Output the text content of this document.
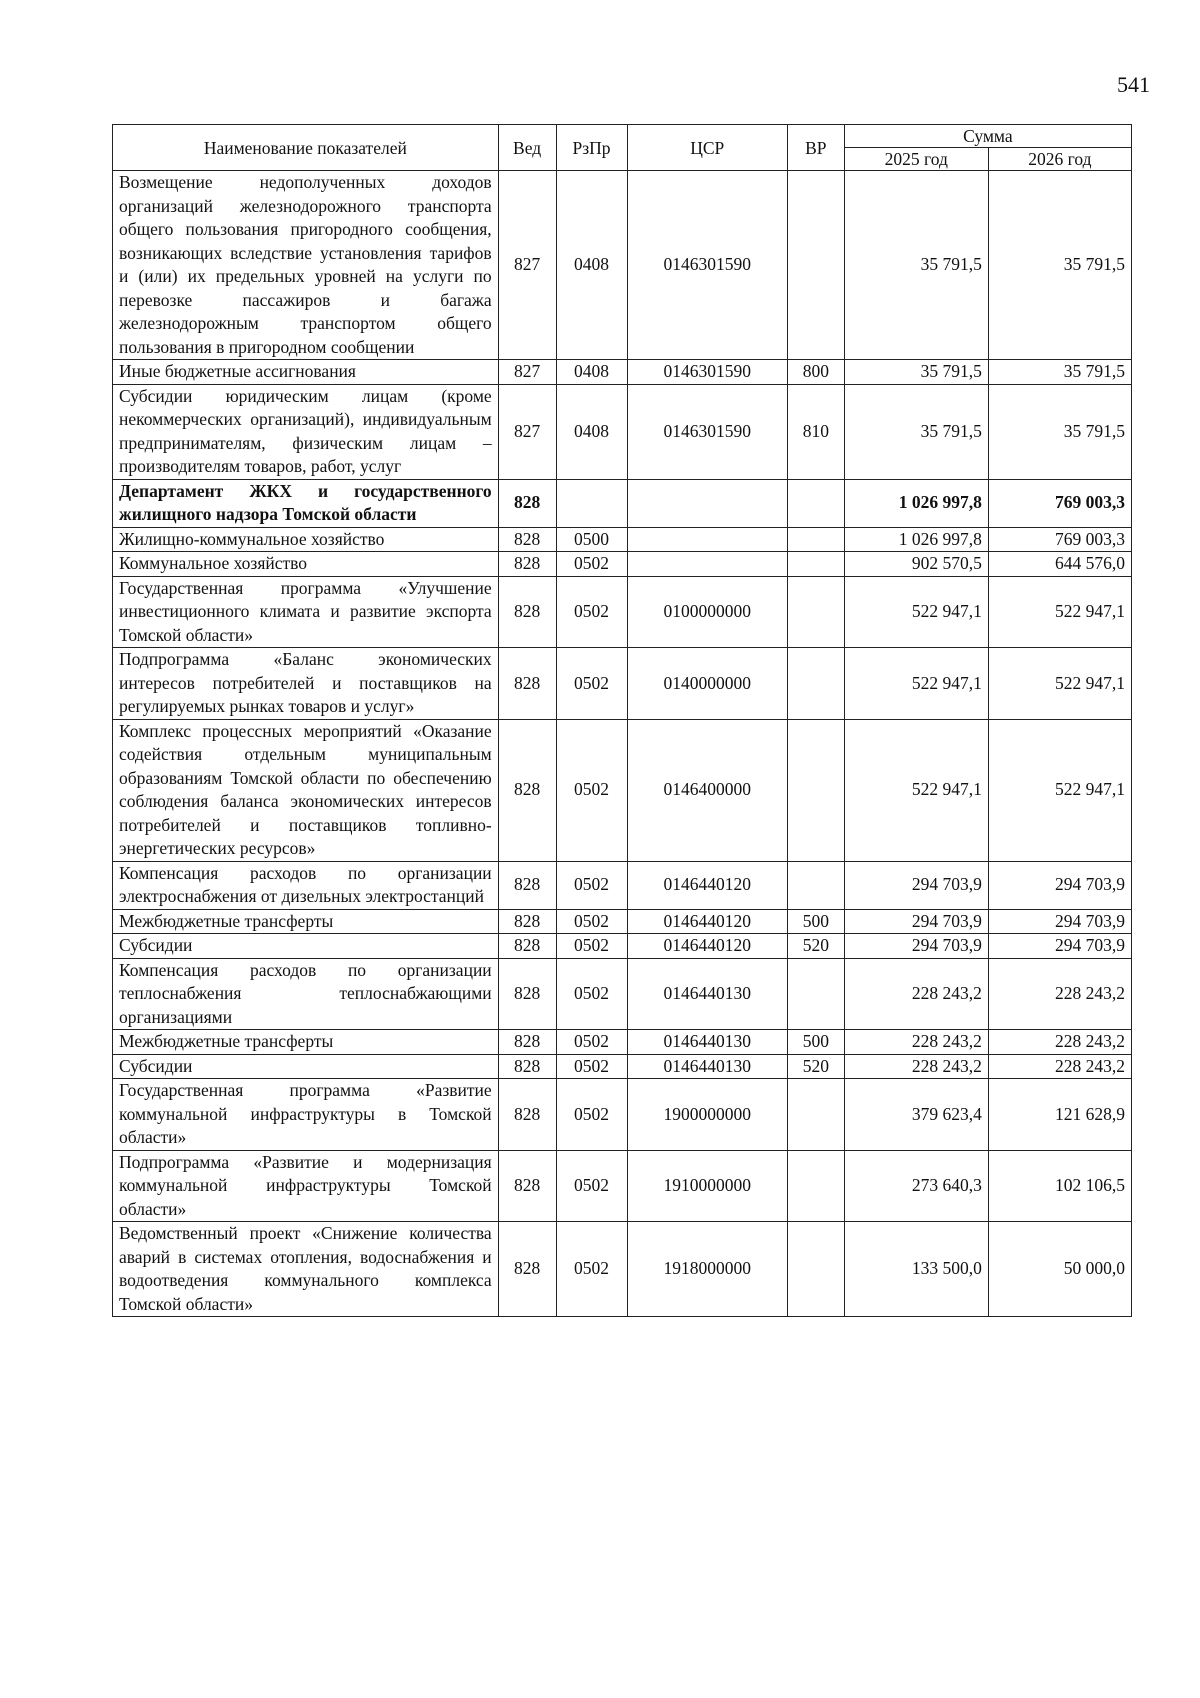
541
Наименование показателей	Вед	РзПр	ЦСР	ВР	Сумма	
					2025 год	2026 год
Возмещение недополученных доходов организаций железнодорожного транспорта общего пользования пригородного сообщения, возникающих вследствие установления тарифов и (или) их предельных уровней на услуги по перевозке пассажиров и багажа железнодорожным транспортом общего пользования в пригородном сообщении	827	0408	0146301590		35 791,5	35 791,5
Иные бюджетные ассигнования	827	0408	0146301590	800	35 791,5	35 791,5
Субсидии юридическим лицам (кроме некоммерческих организаций), индивидуальным предпринимателям, физическим лицам – производителям товаров, работ, услуг	827	0408	0146301590	810	35 791,5	35 791,5
Департамент ЖКХ и государственного жилищного надзора Томской области	828				1 026 997,8	769 003,3
Жилищно-коммунальное хозяйство	828	0500			1 026 997,8	769 003,3
Коммунальное хозяйство	828	0502			902 570,5	644 576,0
Государственная программа «Улучшение инвестиционного климата и развитие экспорта Томской области»	828	0502	0100000000		522 947,1	522 947,1
Подпрограмма «Баланс экономических интересов потребителей и поставщиков на регулируемых рынках товаров и услуг»	828	0502	0140000000		522 947,1	522 947,1
Комплекс процессных мероприятий «Оказание содействия отдельным муниципальным образованиям Томской области по обеспечению соблюдения баланса экономических интересов потребителей и поставщиков топливно-энергетических ресурсов»	828	0502	0146400000		522 947,1	522 947,1
Компенсация расходов по организации электроснабжения от дизельных электростанций	828	0502	0146440120		294 703,9	294 703,9
Межбюджетные трансферты	828	0502	0146440120	500	294 703,9	294 703,9
Субсидии	828	0502	0146440120	520	294 703,9	294 703,9
Компенсация расходов по организации теплоснабжения теплоснабжающими организациями	828	0502	0146440130		228 243,2	228 243,2
Межбюджетные трансферты	828	0502	0146440130	500	228 243,2	228 243,2
Субсидии	828	0502	0146440130	520	228 243,2	228 243,2
Государственная программа «Развитие коммунальной инфраструктуры в Томской области»	828	0502	1900000000		379 623,4	121 628,9
Подпрограмма «Развитие и модернизация коммунальной инфраструктуры Томской области»	828	0502	1910000000		273 640,3	102 106,5
Ведомственный проект «Снижение количества аварий в системах отопления, водоснабжения и водоотведения коммунального комплекса Томской области»	828	0502	1918000000		133 500,0	50 000,0
